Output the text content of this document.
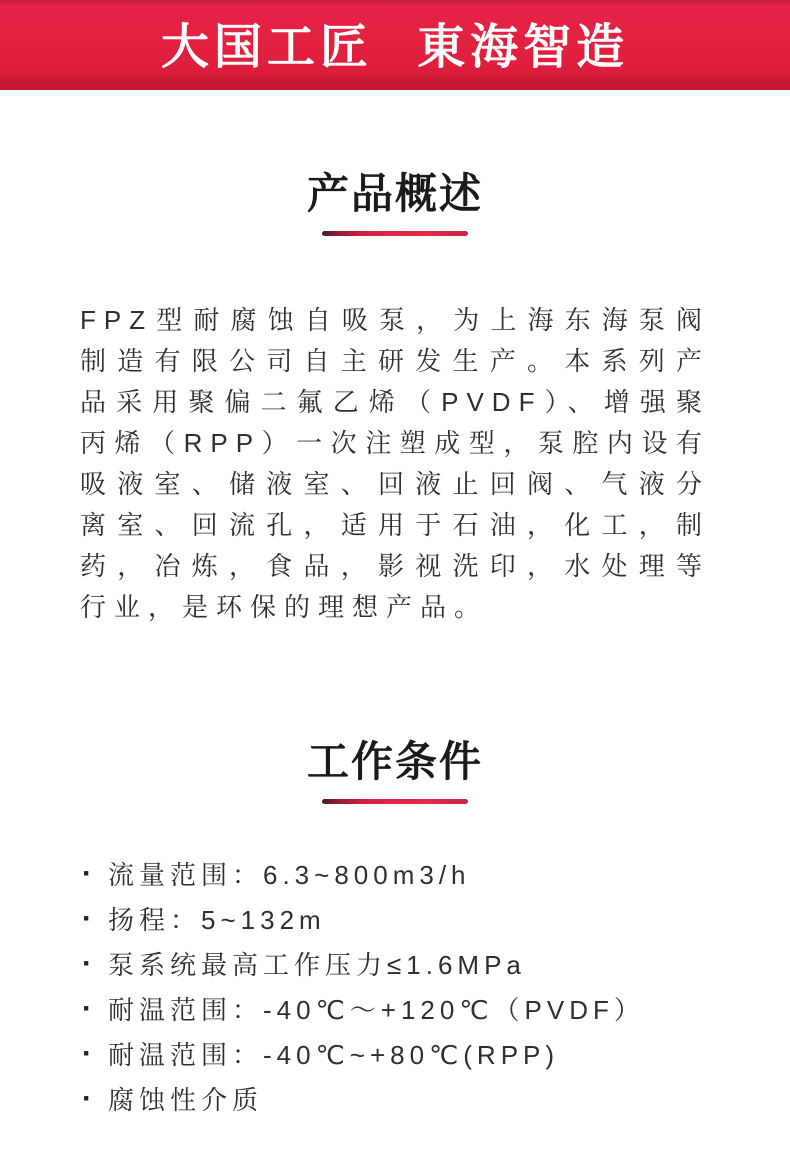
大国工匠 東海智造
产品概述
FPZ型耐腐蚀自吸泵，为上海东海泵阀
制造有限公司自主研发生产。本系列产
品采用聚偏二氟乙烯（PVDF）、增强聚
丙烯（RPP）一次注塑成型，泵腔内设有
吸液室、储液室、回液止回阀、气液分
离室、回流孔，适用于石油，化工，制
药，冶炼，食品，影视洗印，水处理等
行业，是环保的理想产品。
工作条件
· 流量范围：6.3~800m3/h
· 扬程：5~132m
· 泵系统最高工作压力≤1.6MPa
· 耐温范围：-40℃～+120℃（PVDF）
· 耐温范围：-40℃~+80℃(RPP)
· 腐蚀性介质
